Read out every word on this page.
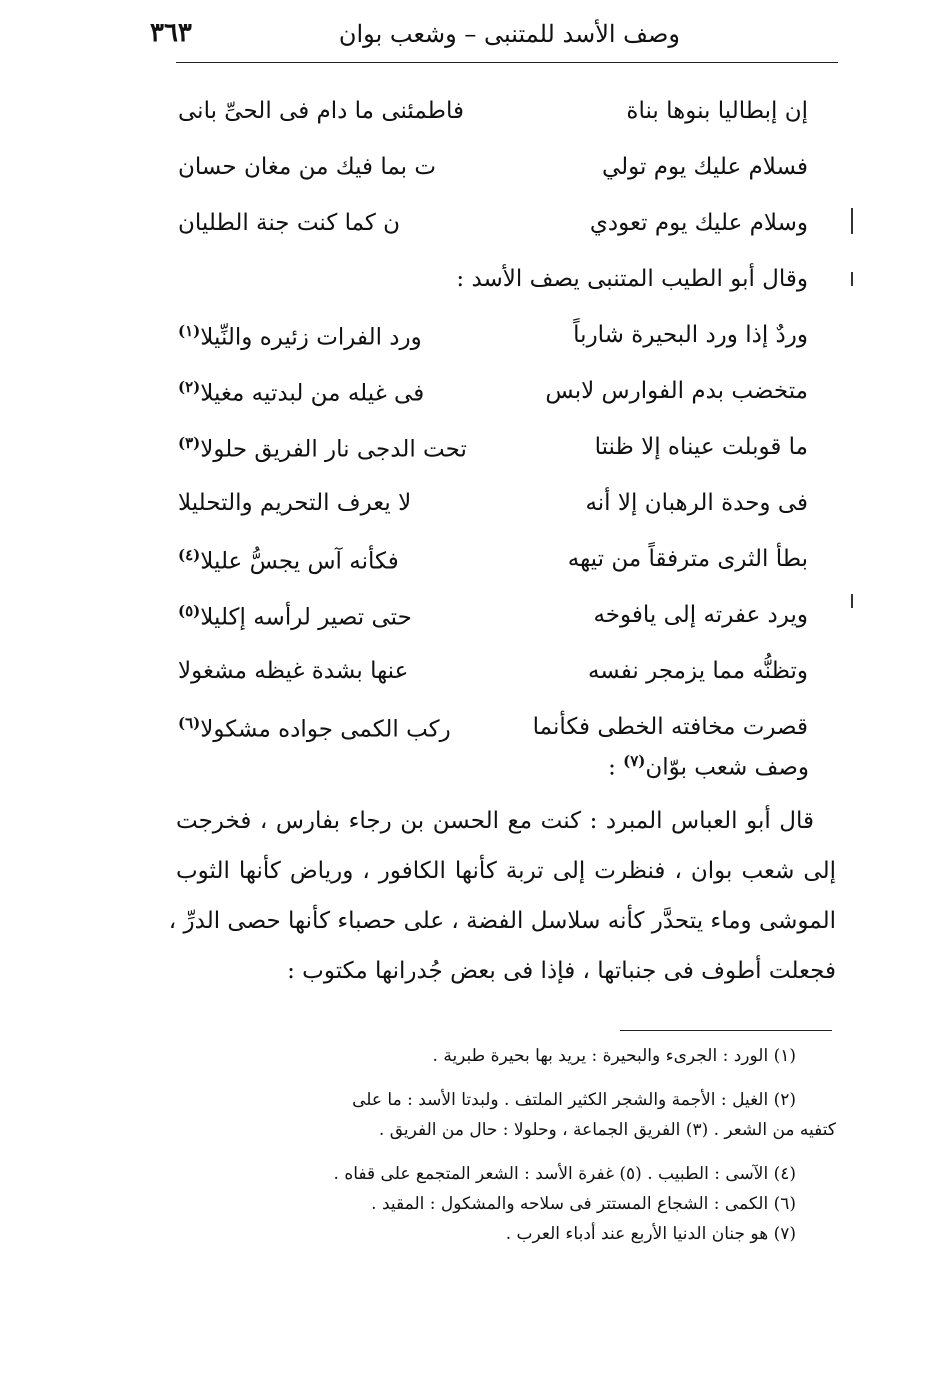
٣٦٣	وصف الأسد للمتنبى – وشعب بوان
إن إبطاليا بنوها بناة
فاطمئنى ما دام فى الحىِّ بانى
فسلام عليك يوم تولي
ت بما فيك من مغان حسان
وسلام عليك يوم تعودي
ن كما كنت جنة الطليان
وقال أبو الطيب المتنبى يصف الأسد :
وردٌ إذا ورد البحيرة شارباً
ورد الفرات زئيره والنِّيلا$^{(١)}$
متخضب بدم الفوارس لابس
فى غيله من لبدتيه مغيلا$^{(٢)}$
ما قوبلت عيناه إلا ظنتا
تحت الدجى نار الفريق حلولا$^{(٣)}$
فى وحدة الرهبان إلا أنه
لا يعرف التحريم والتحليلا
بطأ الثرى مترفقاً من تيهه
فكأنه آس يجسُّ عليلا$^{(٤)}$
ويرد عفرته إلى يافوخه
حتى تصير لرأسه إكليلا$^{(٥)}$
وتظنُّه مما يزمجر نفسه
عنها بشدة غيظه مشغولا
قصرت مخافته الخطى فكأنما
ركب الكمى جواده مشكولا$^{(٦)}$
وصف شعب بوّان$^{(٧)}$ :
قال أبو العباس المبرد : كنت مع الحسن بن رجاء بفارس ، فخرجت
إلى شعب بوان ، فنظرت إلى تربة كأنها الكافور ، ورياض كأنها الثوب
الموشى وماء يتحدَّر كأنه سلاسل الفضة ، على حصباء كأنها حصى الدرِّ ،
فجعلت أطوف فى جنباتها ، فإذا فى بعض جُدرانها مكتوب :
(١) الورد : الجرىء والبحيرة : يريد بها بحيرة طبرية .
(٢) الغيل : الأجمة والشجر الكثير الملتف . ولبدتا الأسد : ما على
كتفيه من الشعر . (٣) الفريق الجماعة ، وحلولا : حال من الفريق .
(٤) الآسى : الطبيب . (٥) غفرة الأسد : الشعر المتجمع على قفاه .
(٦) الكمى : الشجاع المستتر فى سلاحه والمشكول : المقيد .
(٧) هو جنان الدنيا الأربع عند أدباء العرب .
